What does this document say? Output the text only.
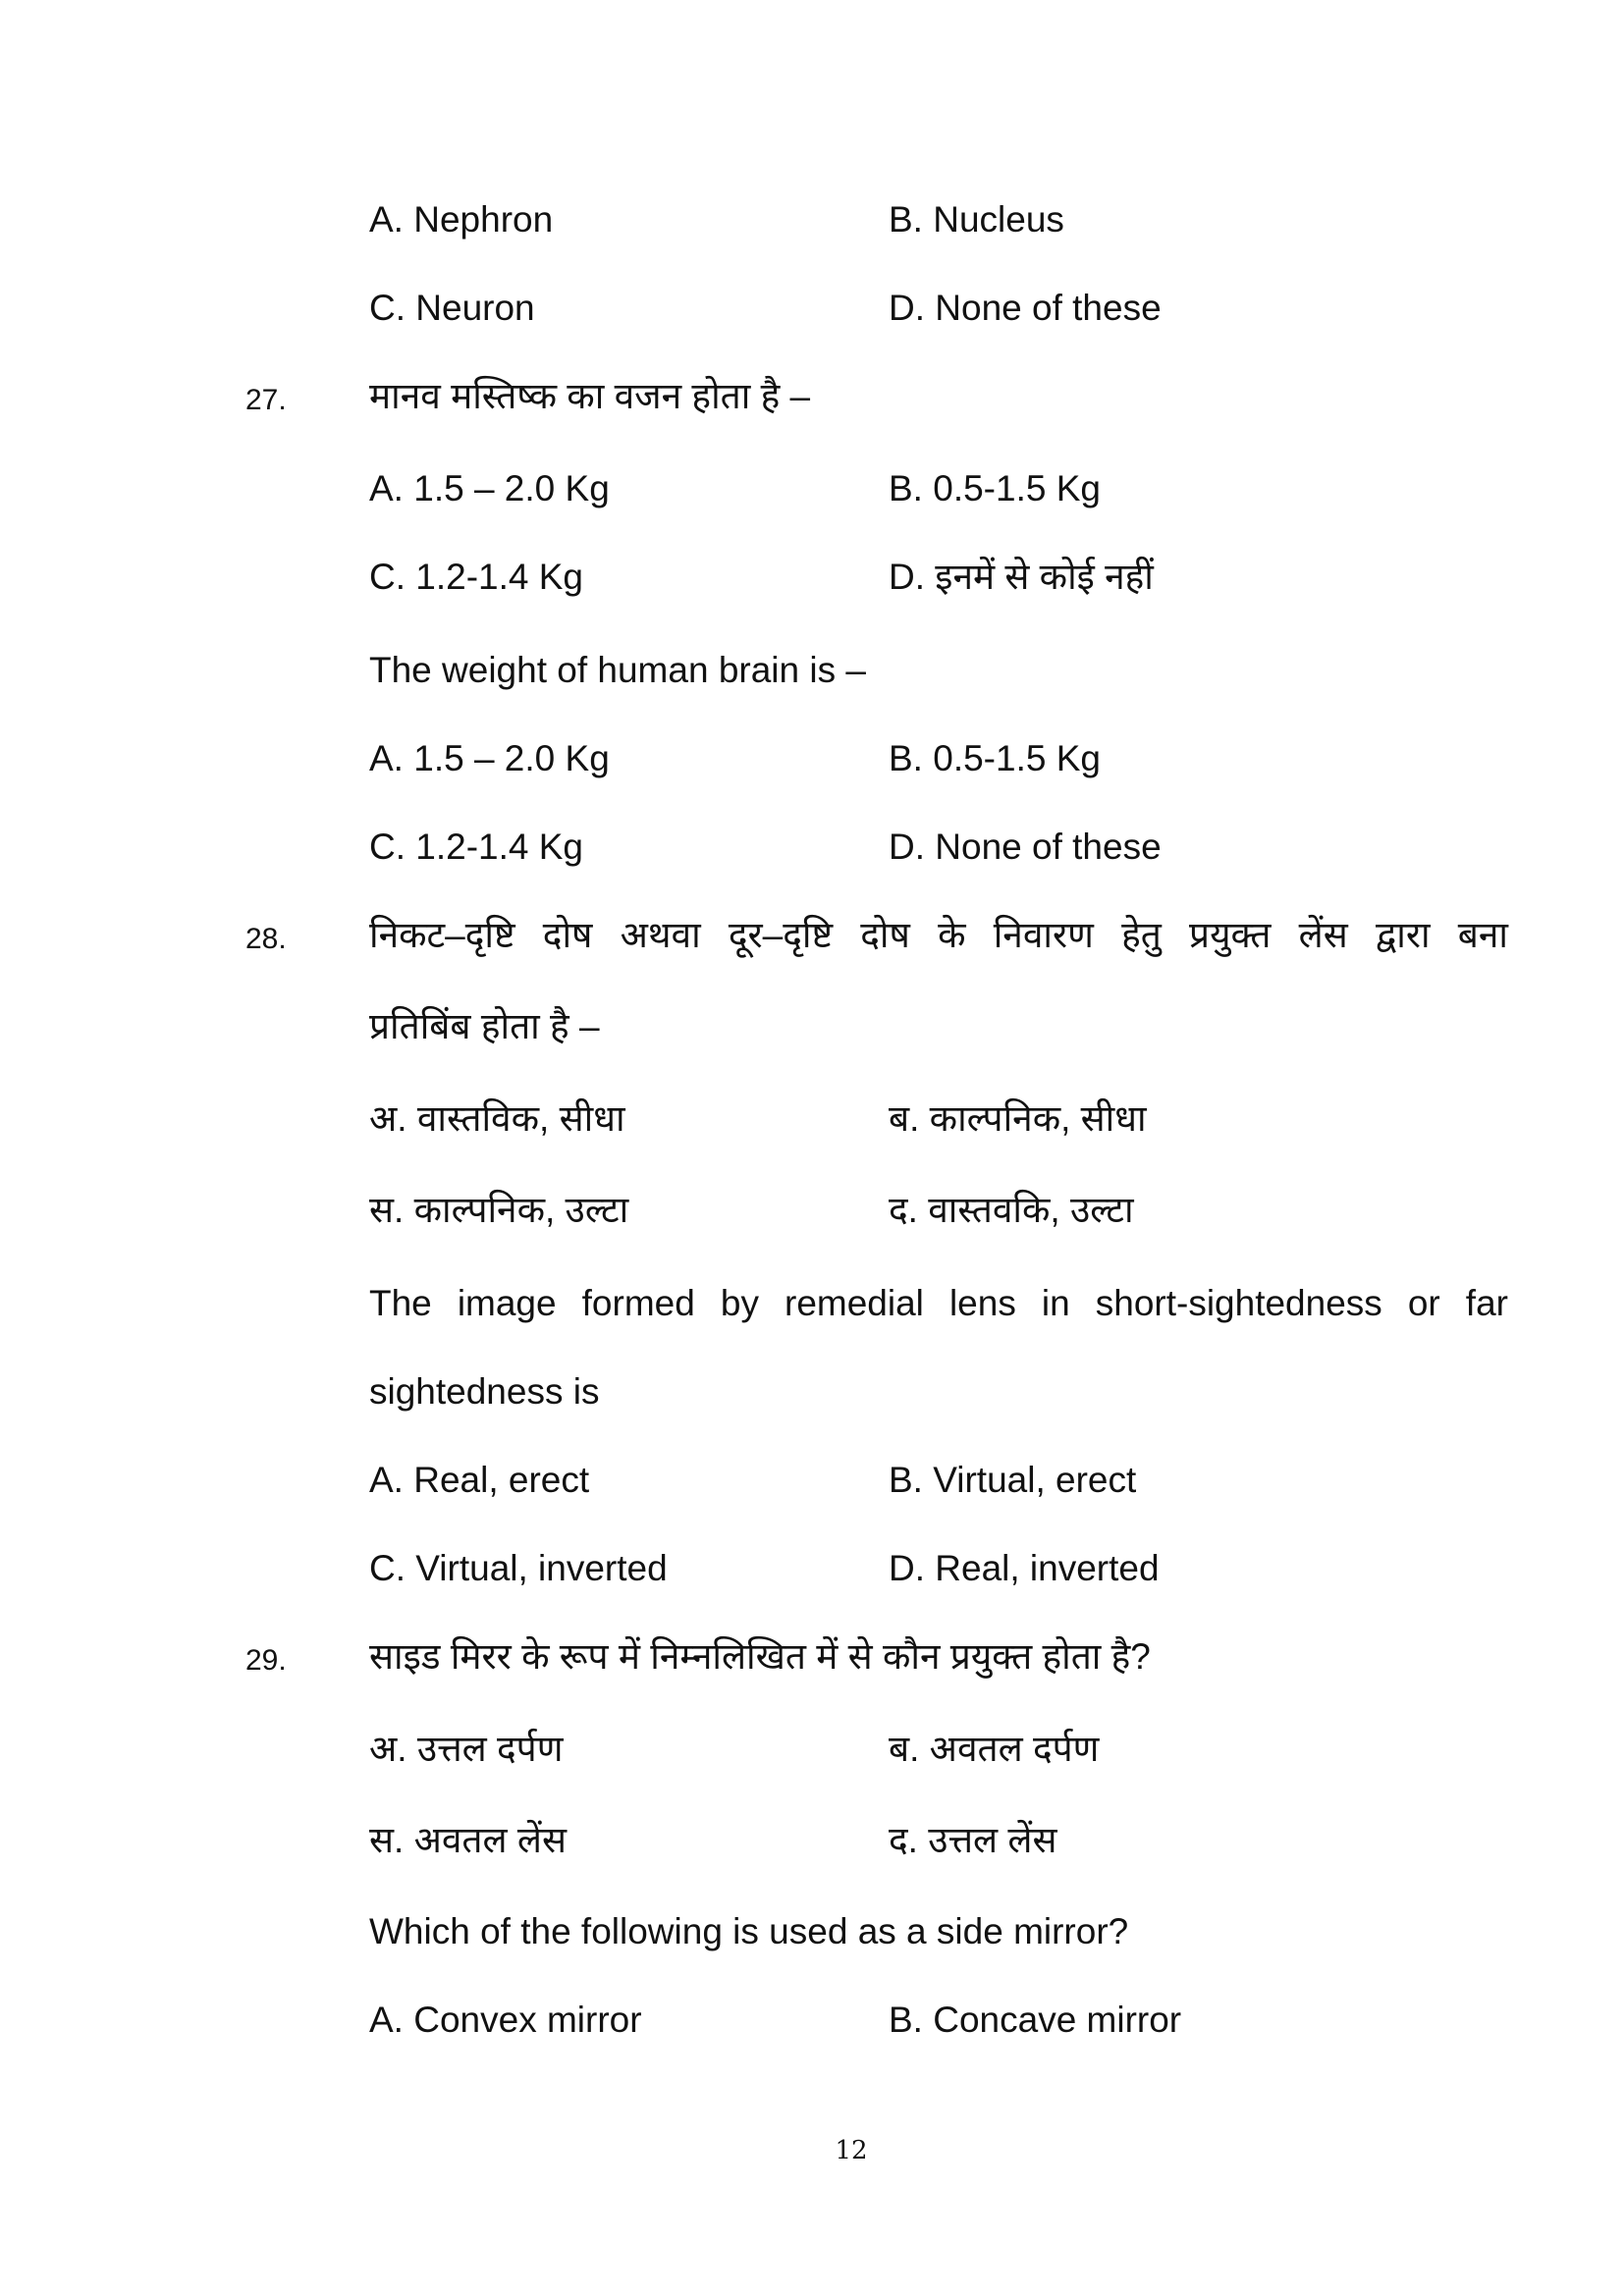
A. Nephron	B. Nucleus
C. Neuron	D. None of these
27. मानव मस्तिष्क का वजन होता है –
A. 1.5 – 2.0 Kg	B. 0.5-1.5 Kg
C. 1.2-1.4 Kg	D. इनमें से कोई नहीं
The weight of human brain is –
A. 1.5 – 2.0 Kg	B. 0.5-1.5 Kg
C. 1.2-1.4 Kg	D. None of these
28. निकट–दृष्टि दोष अथवा दूर–दृष्टि दोष के निवारण हेतु प्रयुक्त लेंस द्वारा बना
प्रतिबिंब होता है –
अ. वास्तविक, सीधा	ब. काल्पनिक, सीधा
स. काल्पनिक, उल्टा	द. वास्तवकि, उल्टा
The image formed by remedial lens in short-sightedness or far
sightedness is
A. Real, erect	B. Virtual, erect
C. Virtual, inverted	D. Real, inverted
29. साइड मिरर के रूप में निम्नलिखित में से कौन प्रयुक्त होता है?
अ. उत्तल दर्पण	ब. अवतल दर्पण
स. अवतल लेंस	द. उत्तल लेंस
Which of the following is used as a side mirror?
A. Convex mirror	B. Concave mirror
12
